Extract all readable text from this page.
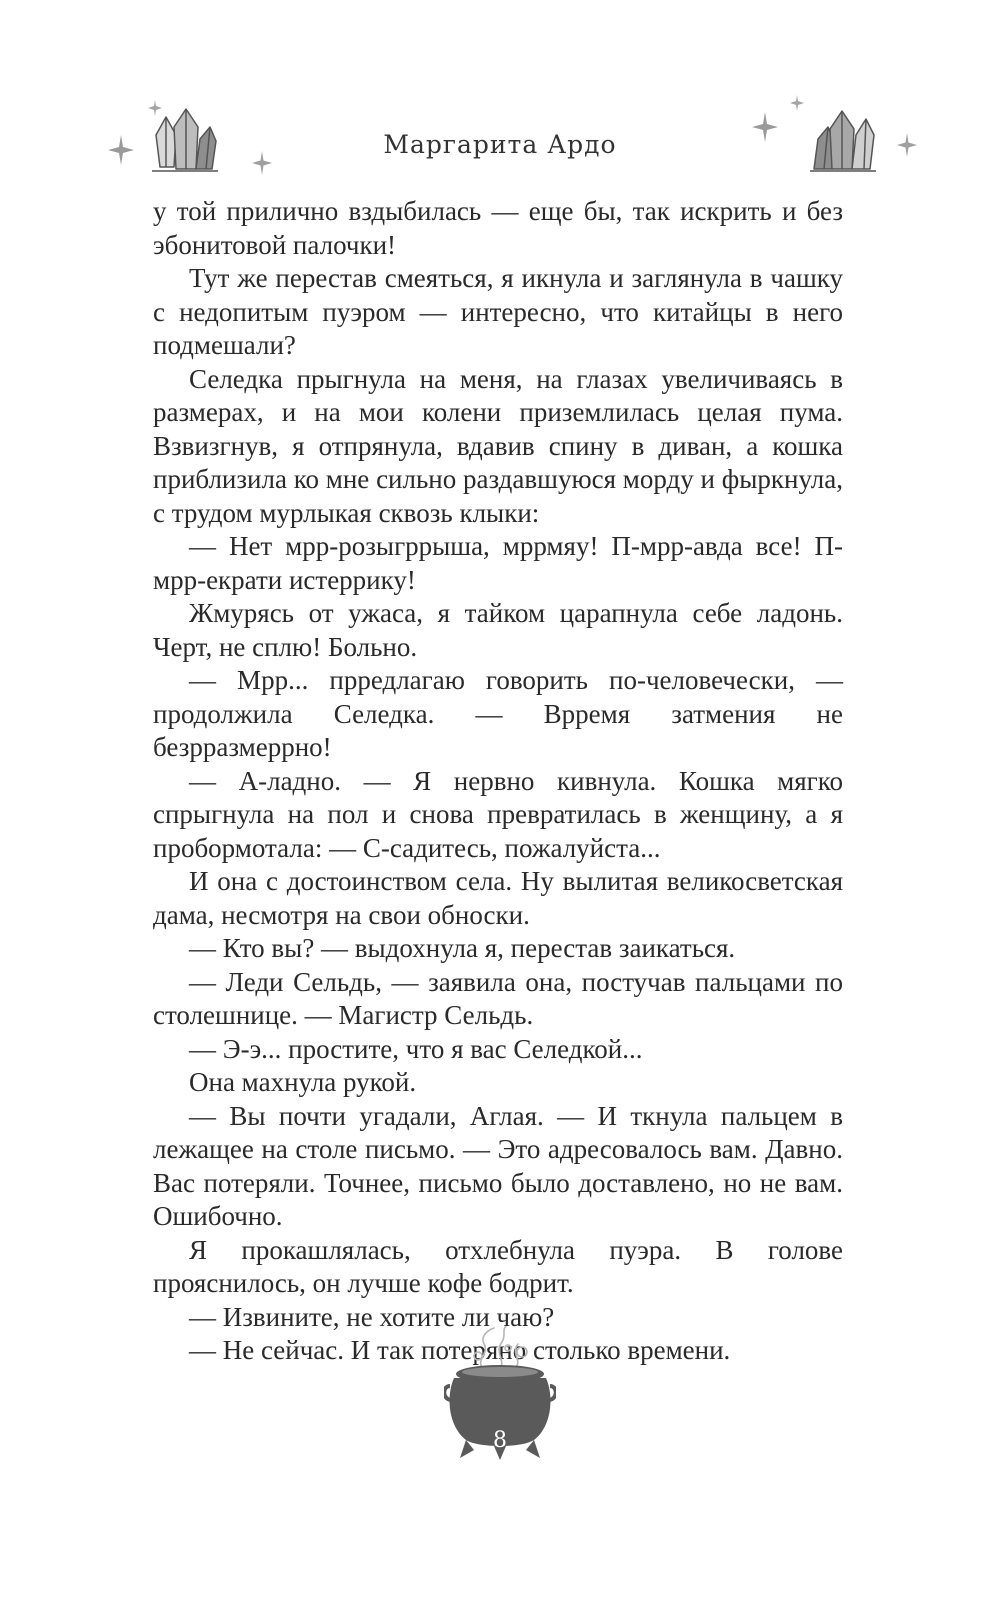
Маргарита Ардо

у той прилично вздыбилась — еще бы, так искрить и без эбонитовой палочки!

Тут же перестав смеяться, я икнула и заглянула в чашку с недопитым пуэром — интересно, что китайцы в него подмешали?

Селедка прыгнула на меня, на глазах увеличиваясь в размерах, и на мои колени приземлилась целая пума. Взвизгнув, я отпрянула, вдавив спину в диван, а кошка приблизила ко мне сильно раздавшуюся морду и фыркнула, с трудом мурлыкая сквозь клыки:

— Нет мрр-розыгррыша, мррмяу! П-мрр-авда все! П-мрр-екрати истеррику!

Жмурясь от ужаса, я тайком царапнула себе ладонь. Черт, не сплю! Больно.

— Мрр... прредлагаю говорить по-человечески, — продолжила Селедка. — Врремя затмения не безрразмеррно!

— А-ладно. — Я нервно кивнула. Кошка мягко спрыгнула на пол и снова превратилась в женщину, а я пробормотала: — С-садитесь, пожалуйста...

И она с достоинством села. Ну вылитая великосветская дама, несмотря на свои обноски.

— Кто вы? — выдохнула я, перестав заикаться.

— Леди Сельдь, — заявила она, постучав пальцами по столешнице. — Магистр Сельдь.

— Э-э... простите, что я вас Селедкой...

Она махнула рукой.

— Вы почти угадали, Аглая. — И ткнула пальцем в лежащее на столе письмо. — Это адресовалось вам. Давно. Вас потеряли. Точнее, письмо было доставлено, но не вам. Ошибочно.

Я прокашлялась, отхлебнула пуэра. В голове прояснилось, он лучше кофе бодрит.

— Извините, не хотите ли чаю?

— Не сейчас. И так потеряно столько времени.

8
